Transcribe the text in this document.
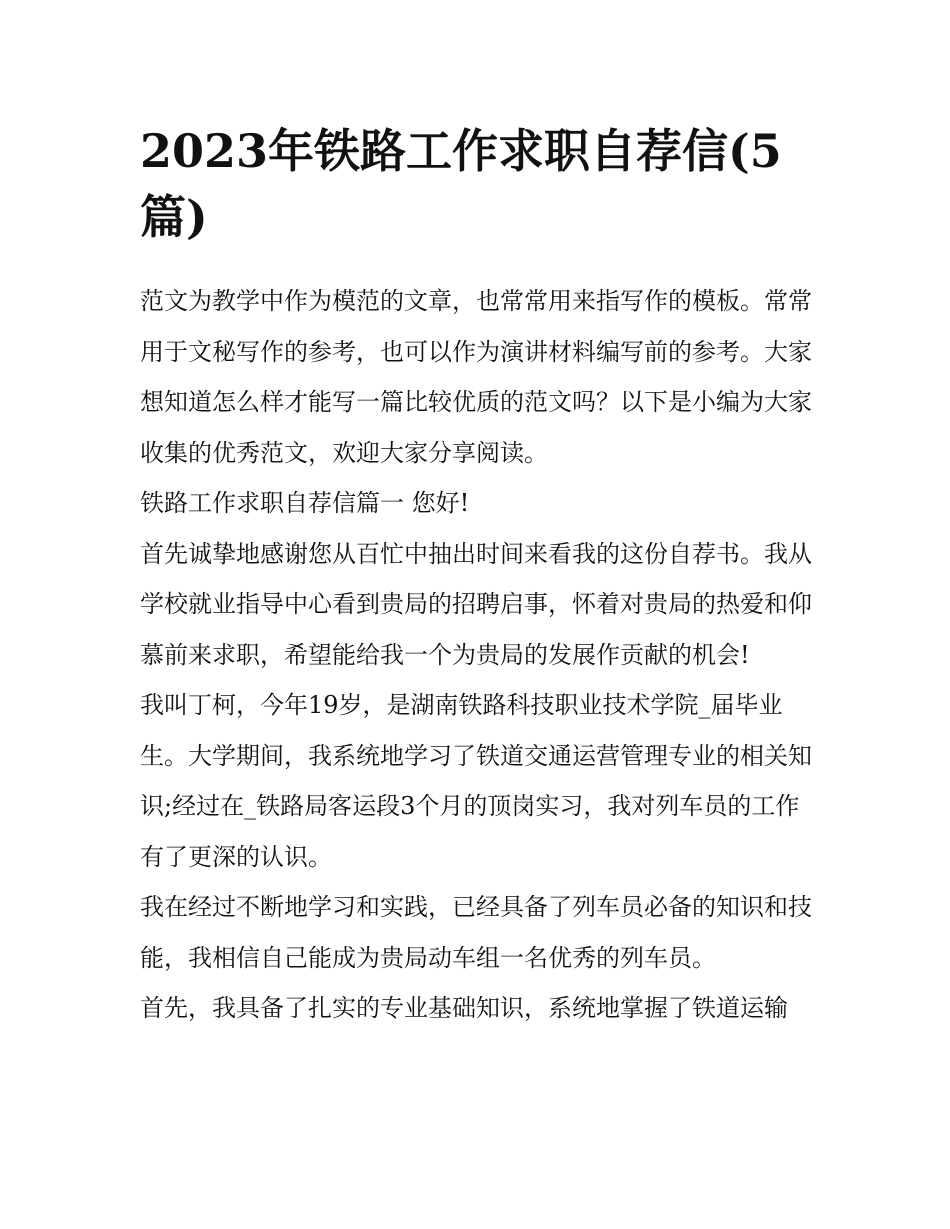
2023年铁路工作求职自荐信(5篇)

范文为教学中作为模范的文章，也常常用来指写作的模板。常常用于文秘写作的参考，也可以作为演讲材料编写前的参考。大家想知道怎么样才能写一篇比较优质的范文吗？以下是小编为大家收集的优秀范文，欢迎大家分享阅读。

铁路工作求职自荐信篇一 您好!

首先诚挚地感谢您从百忙中抽出时间来看我的这份自荐书。我从学校就业指导中心看到贵局的招聘启事，怀着对贵局的热爱和仰慕前来求职，希望能给我一个为贵局的发展作贡献的机会!

我叫丁柯，今年19岁，是湖南铁路科技职业技术学院_届毕业生。大学期间，我系统地学习了铁道交通运营管理专业的相关知识;经过在_铁路局客运段3个月的顶岗实习，我对列车员的工作有了更深的认识。

我在经过不断地学习和实践，已经具备了列车员必备的知识和技能，我相信自己能成为贵局动车组一名优秀的列车员。

首先，我具备了扎实的专业基础知识，系统地掌握了铁道运输
